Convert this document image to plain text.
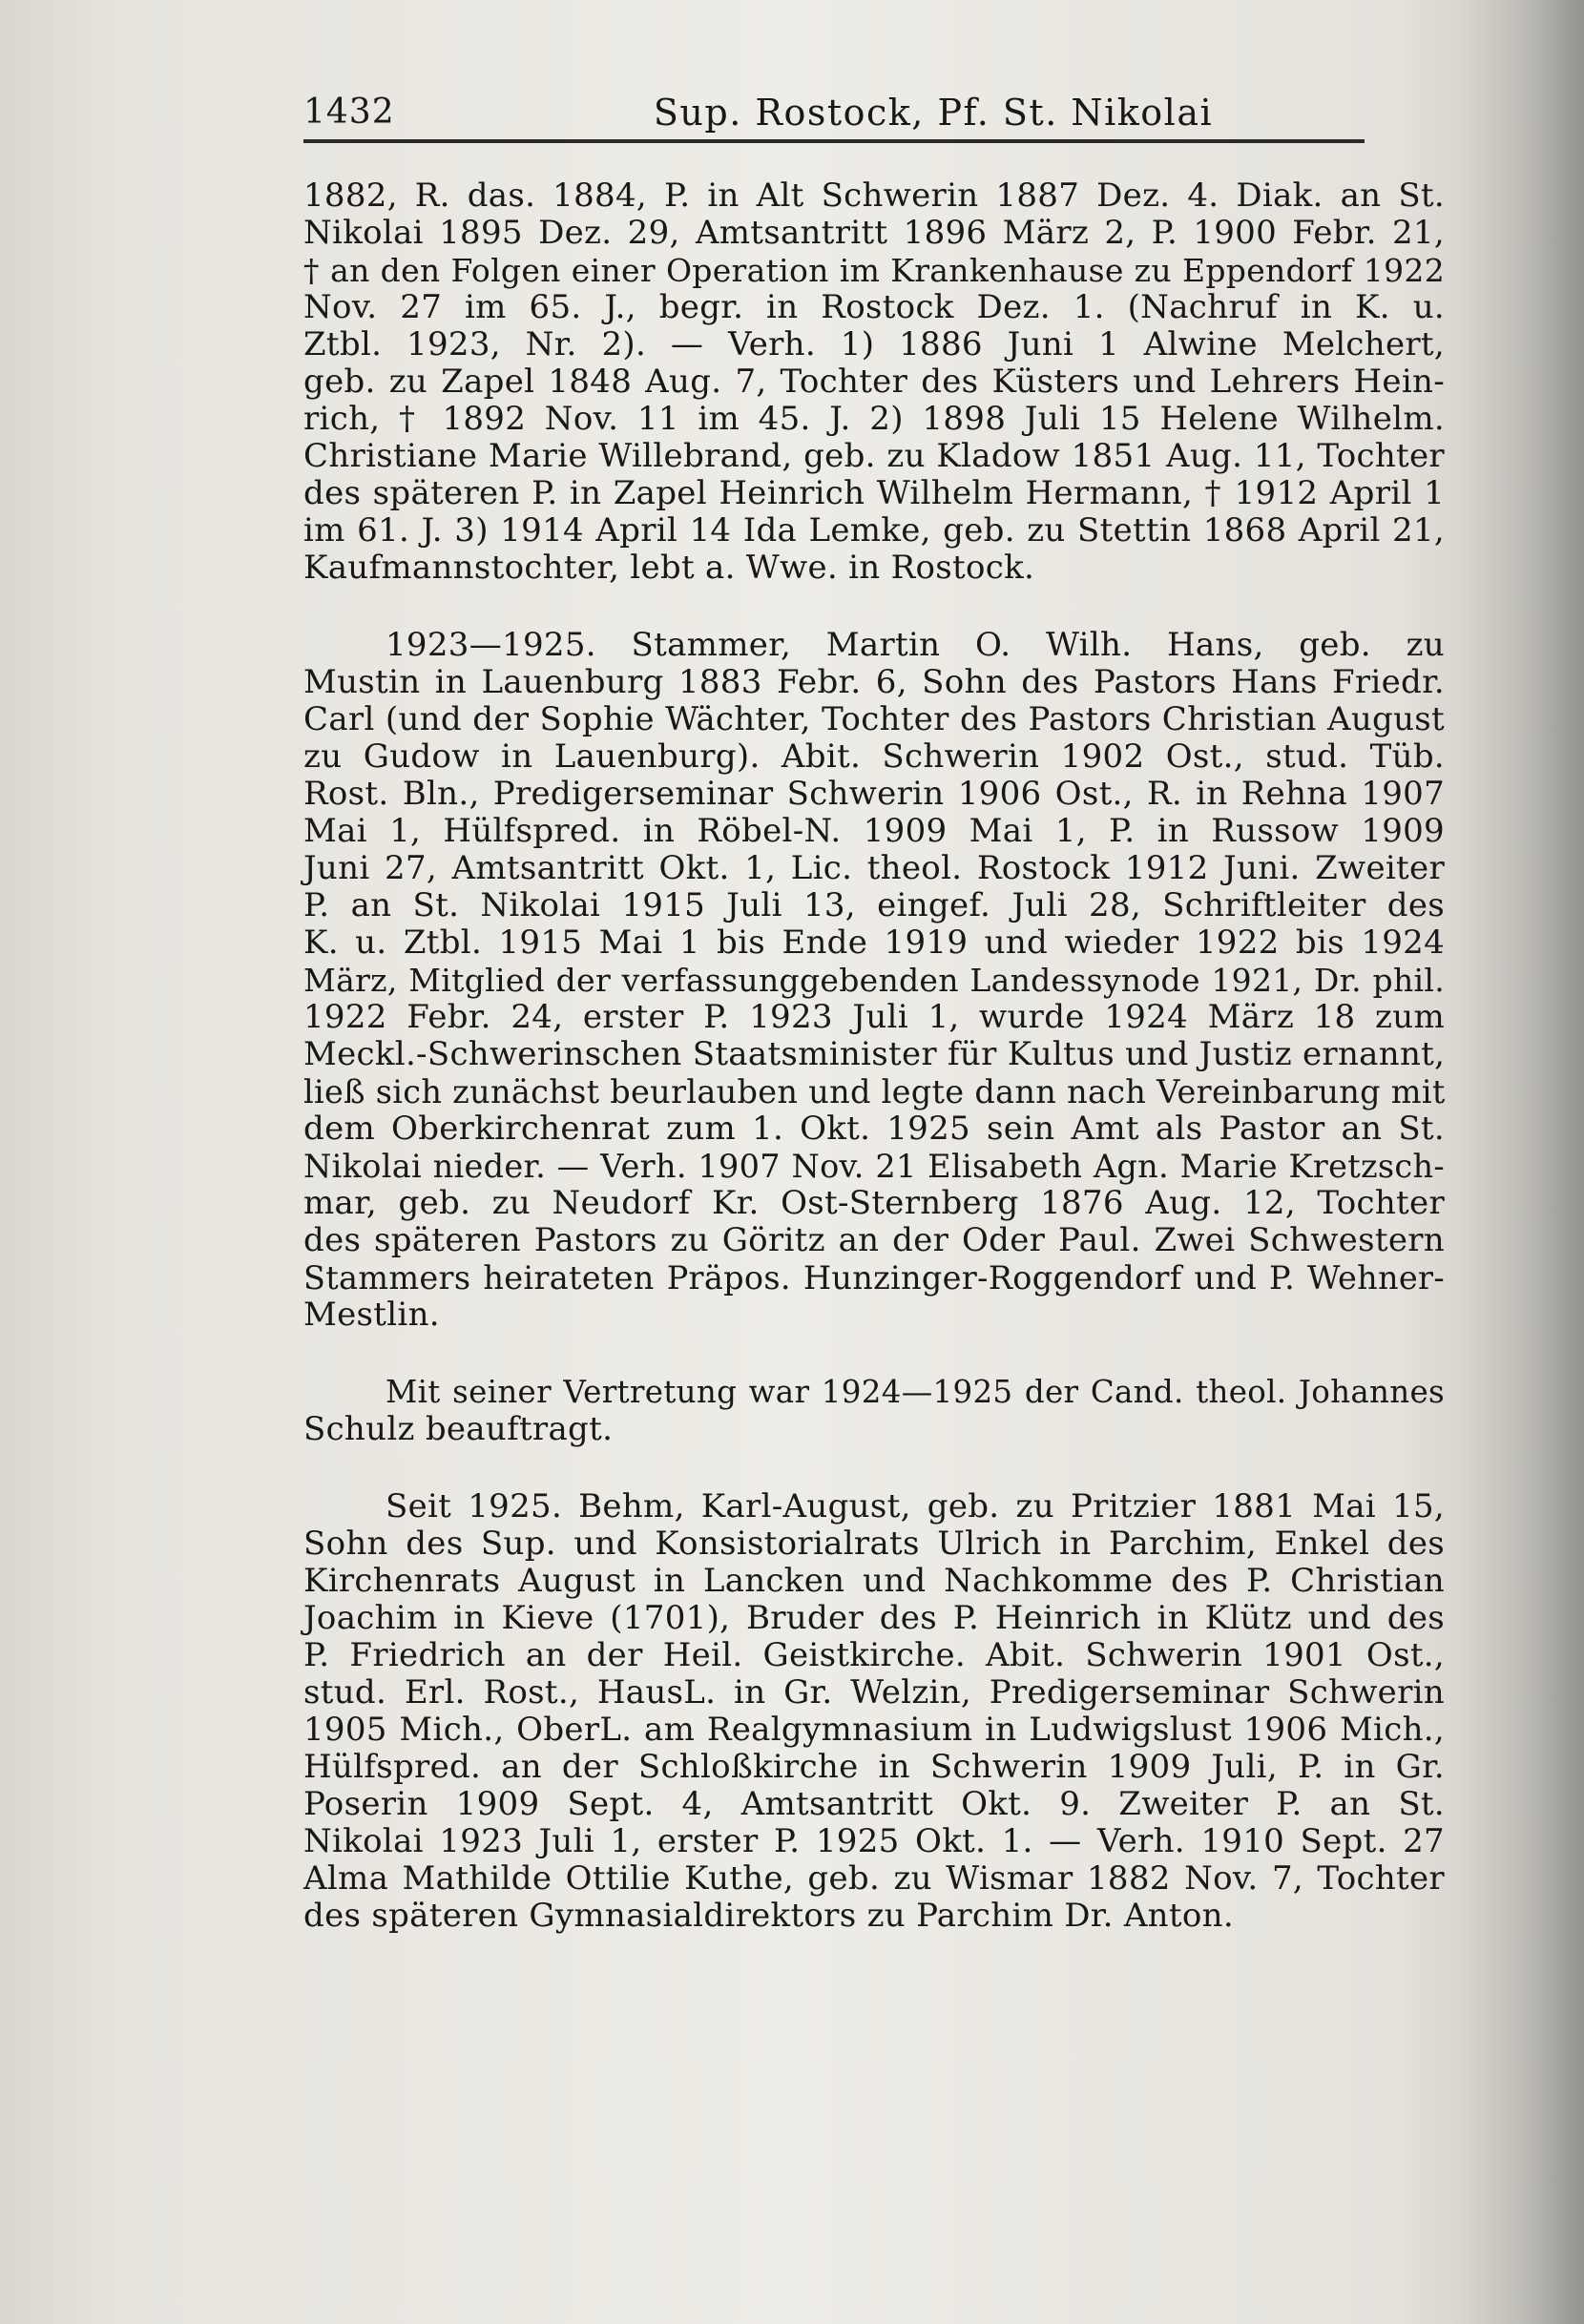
1432	Sup. Rostock, Pf. St. Nikolai
1882, R. das. 1884, P. in Alt Schwerin 1887 Dez. 4. Diak. an St.
Nikolai 1895 Dez. 29, Amtsantritt 1896 März 2, P. 1900 Febr. 21,
† an den Folgen einer Operation im Krankenhause zu Eppendorf 1922
Nov. 27 im 65. J., begr. in Rostock Dez. 1. (Nachruf in K. u.
Ztbl. 1923, Nr. 2). — Verh. 1) 1886 Juni 1 Alwine Melchert,
geb. zu Zapel 1848 Aug. 7, Tochter des Küsters und Lehrers Hein-
rich, † 1892 Nov. 11 im 45. J. 2) 1898 Juli 15 Helene Wilhelm.
Christiane Marie Willebrand, geb. zu Kladow 1851 Aug. 11, Tochter
des späteren P. in Zapel Heinrich Wilhelm Hermann, † 1912 April 1
im 61. J. 3) 1914 April 14 Ida Lemke, geb. zu Stettin 1868 April 21,
Kaufmannstochter, lebt a. Wwe. in Rostock.
1923—1925. Stammer, Martin O. Wilh. Hans, geb. zu
Mustin in Lauenburg 1883 Febr. 6, Sohn des Pastors Hans Friedr.
Carl (und der Sophie Wächter, Tochter des Pastors Christian August
zu Gudow in Lauenburg). Abit. Schwerin 1902 Ost., stud. Tüb.
Rost. Bln., Predigerseminar Schwerin 1906 Ost., R. in Rehna 1907
Mai 1, Hülfspred. in Röbel-N. 1909 Mai 1, P. in Russow 1909
Juni 27, Amtsantritt Okt. 1, Lic. theol. Rostock 1912 Juni. Zweiter
P. an St. Nikolai 1915 Juli 13, eingef. Juli 28, Schriftleiter des
K. u. Ztbl. 1915 Mai 1 bis Ende 1919 und wieder 1922 bis 1924
März, Mitglied der verfassunggebenden Landessynode 1921, Dr. phil.
1922 Febr. 24, erster P. 1923 Juli 1, wurde 1924 März 18 zum
Meckl.-Schwerinschen Staatsminister für Kultus und Justiz ernannt,
ließ sich zunächst beurlauben und legte dann nach Vereinbarung mit
dem Oberkirchenrat zum 1. Okt. 1925 sein Amt als Pastor an St.
Nikolai nieder. — Verh. 1907 Nov. 21 Elisabeth Agn. Marie Kretzsch-
mar, geb. zu Neudorf Kr. Ost-Sternberg 1876 Aug. 12, Tochter
des späteren Pastors zu Göritz an der Oder Paul. Zwei Schwestern
Stammers heirateten Präpos. Hunzinger-Roggendorf und P. Wehner-
Mestlin.
Mit seiner Vertretung war 1924—1925 der Cand. theol. Johannes
Schulz beauftragt.
Seit 1925. Behm, Karl-August, geb. zu Pritzier 1881 Mai 15,
Sohn des Sup. und Konsistorialrats Ulrich in Parchim, Enkel des
Kirchenrats August in Lancken und Nachkomme des P. Christian
Joachim in Kieve (1701), Bruder des P. Heinrich in Klütz und des
P. Friedrich an der Heil. Geistkirche. Abit. Schwerin 1901 Ost.,
stud. Erl. Rost., HausL. in Gr. Welzin, Predigerseminar Schwerin
1905 Mich., OberL. am Realgymnasium in Ludwigslust 1906 Mich.,
Hülfspred. an der Schloßkirche in Schwerin 1909 Juli, P. in Gr.
Poserin 1909 Sept. 4, Amtsantritt Okt. 9. Zweiter P. an St.
Nikolai 1923 Juli 1, erster P. 1925 Okt. 1. — Verh. 1910 Sept. 27
Alma Mathilde Ottilie Kuthe, geb. zu Wismar 1882 Nov. 7, Tochter
des späteren Gymnasialdirektors zu Parchim Dr. Anton.
